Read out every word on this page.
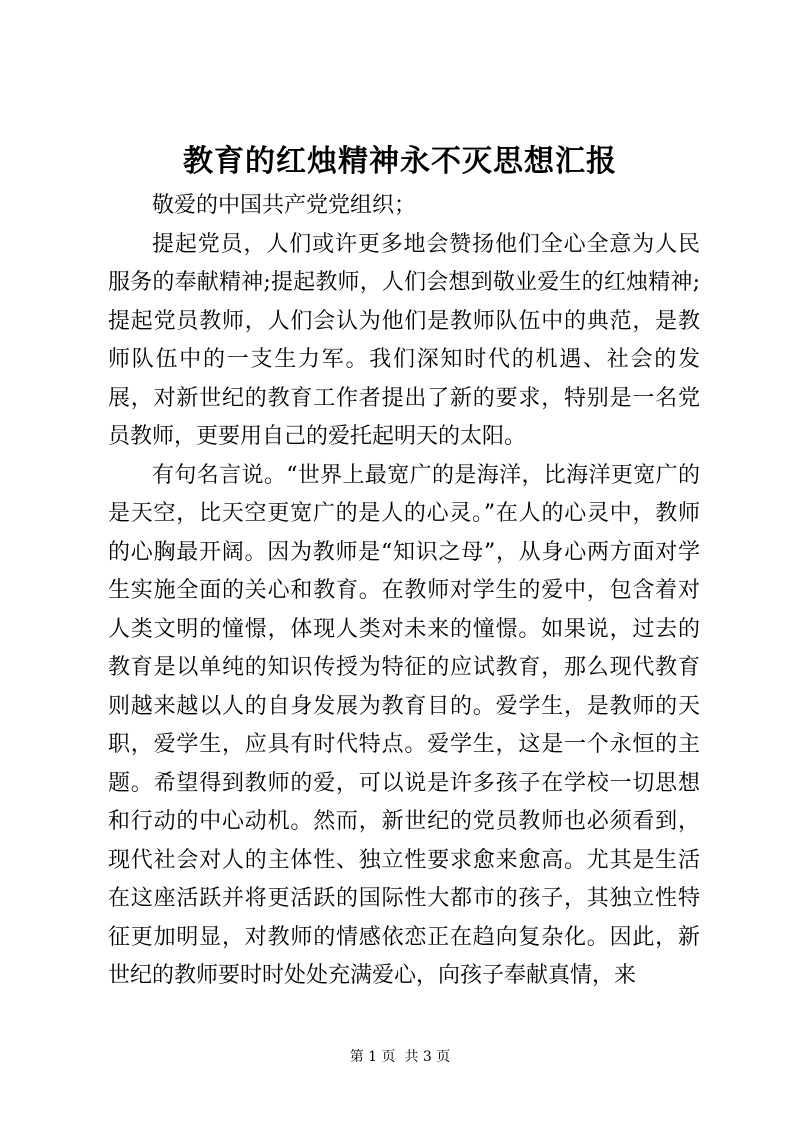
教育的红烛精神永不灭思想汇报

敬爱的中国共产党党组织；

提起党员，人们或许更多地会赞扬他们全心全意为人民服务的奉献精神;提起教师，人们会想到敬业爱生的红烛精神;提起党员教师，人们会认为他们是教师队伍中的典范，是教师队伍中的一支生力军。我们深知时代的机遇、社会的发展，对新世纪的教育工作者提出了新的要求，特别是一名党员教师，更要用自己的爱托起明天的太阳。

有句名言说。“世界上最宽广的是海洋，比海洋更宽广的是天空，比天空更宽广的是人的心灵。”在人的心灵中，教师的心胸最开阔。因为教师是“知识之母”，从身心两方面对学生实施全面的关心和教育。在教师对学生的爱中，包含着对人类文明的憧憬，体现人类对未来的憧憬。如果说，过去的教育是以单纯的知识传授为特征的应试教育，那么现代教育则越来越以人的自身发展为教育目的。爱学生，是教师的天职，爱学生，应具有时代特点。爱学生，这是一个永恒的主题。希望得到教师的爱，可以说是许多孩子在学校一切思想和行动的中心动机。然而，新世纪的党员教师也必须看到，现代社会对人的主体性、独立性要求愈来愈高。尤其是生活在这座活跃并将更活跃的国际性大都市的孩子，其独立性特征更加明显，对教师的情感依恋正在趋向复杂化。因此，新世纪的教师要时时处处充满爱心，向孩子奉献真情，来

第 1 页  共 3 页
